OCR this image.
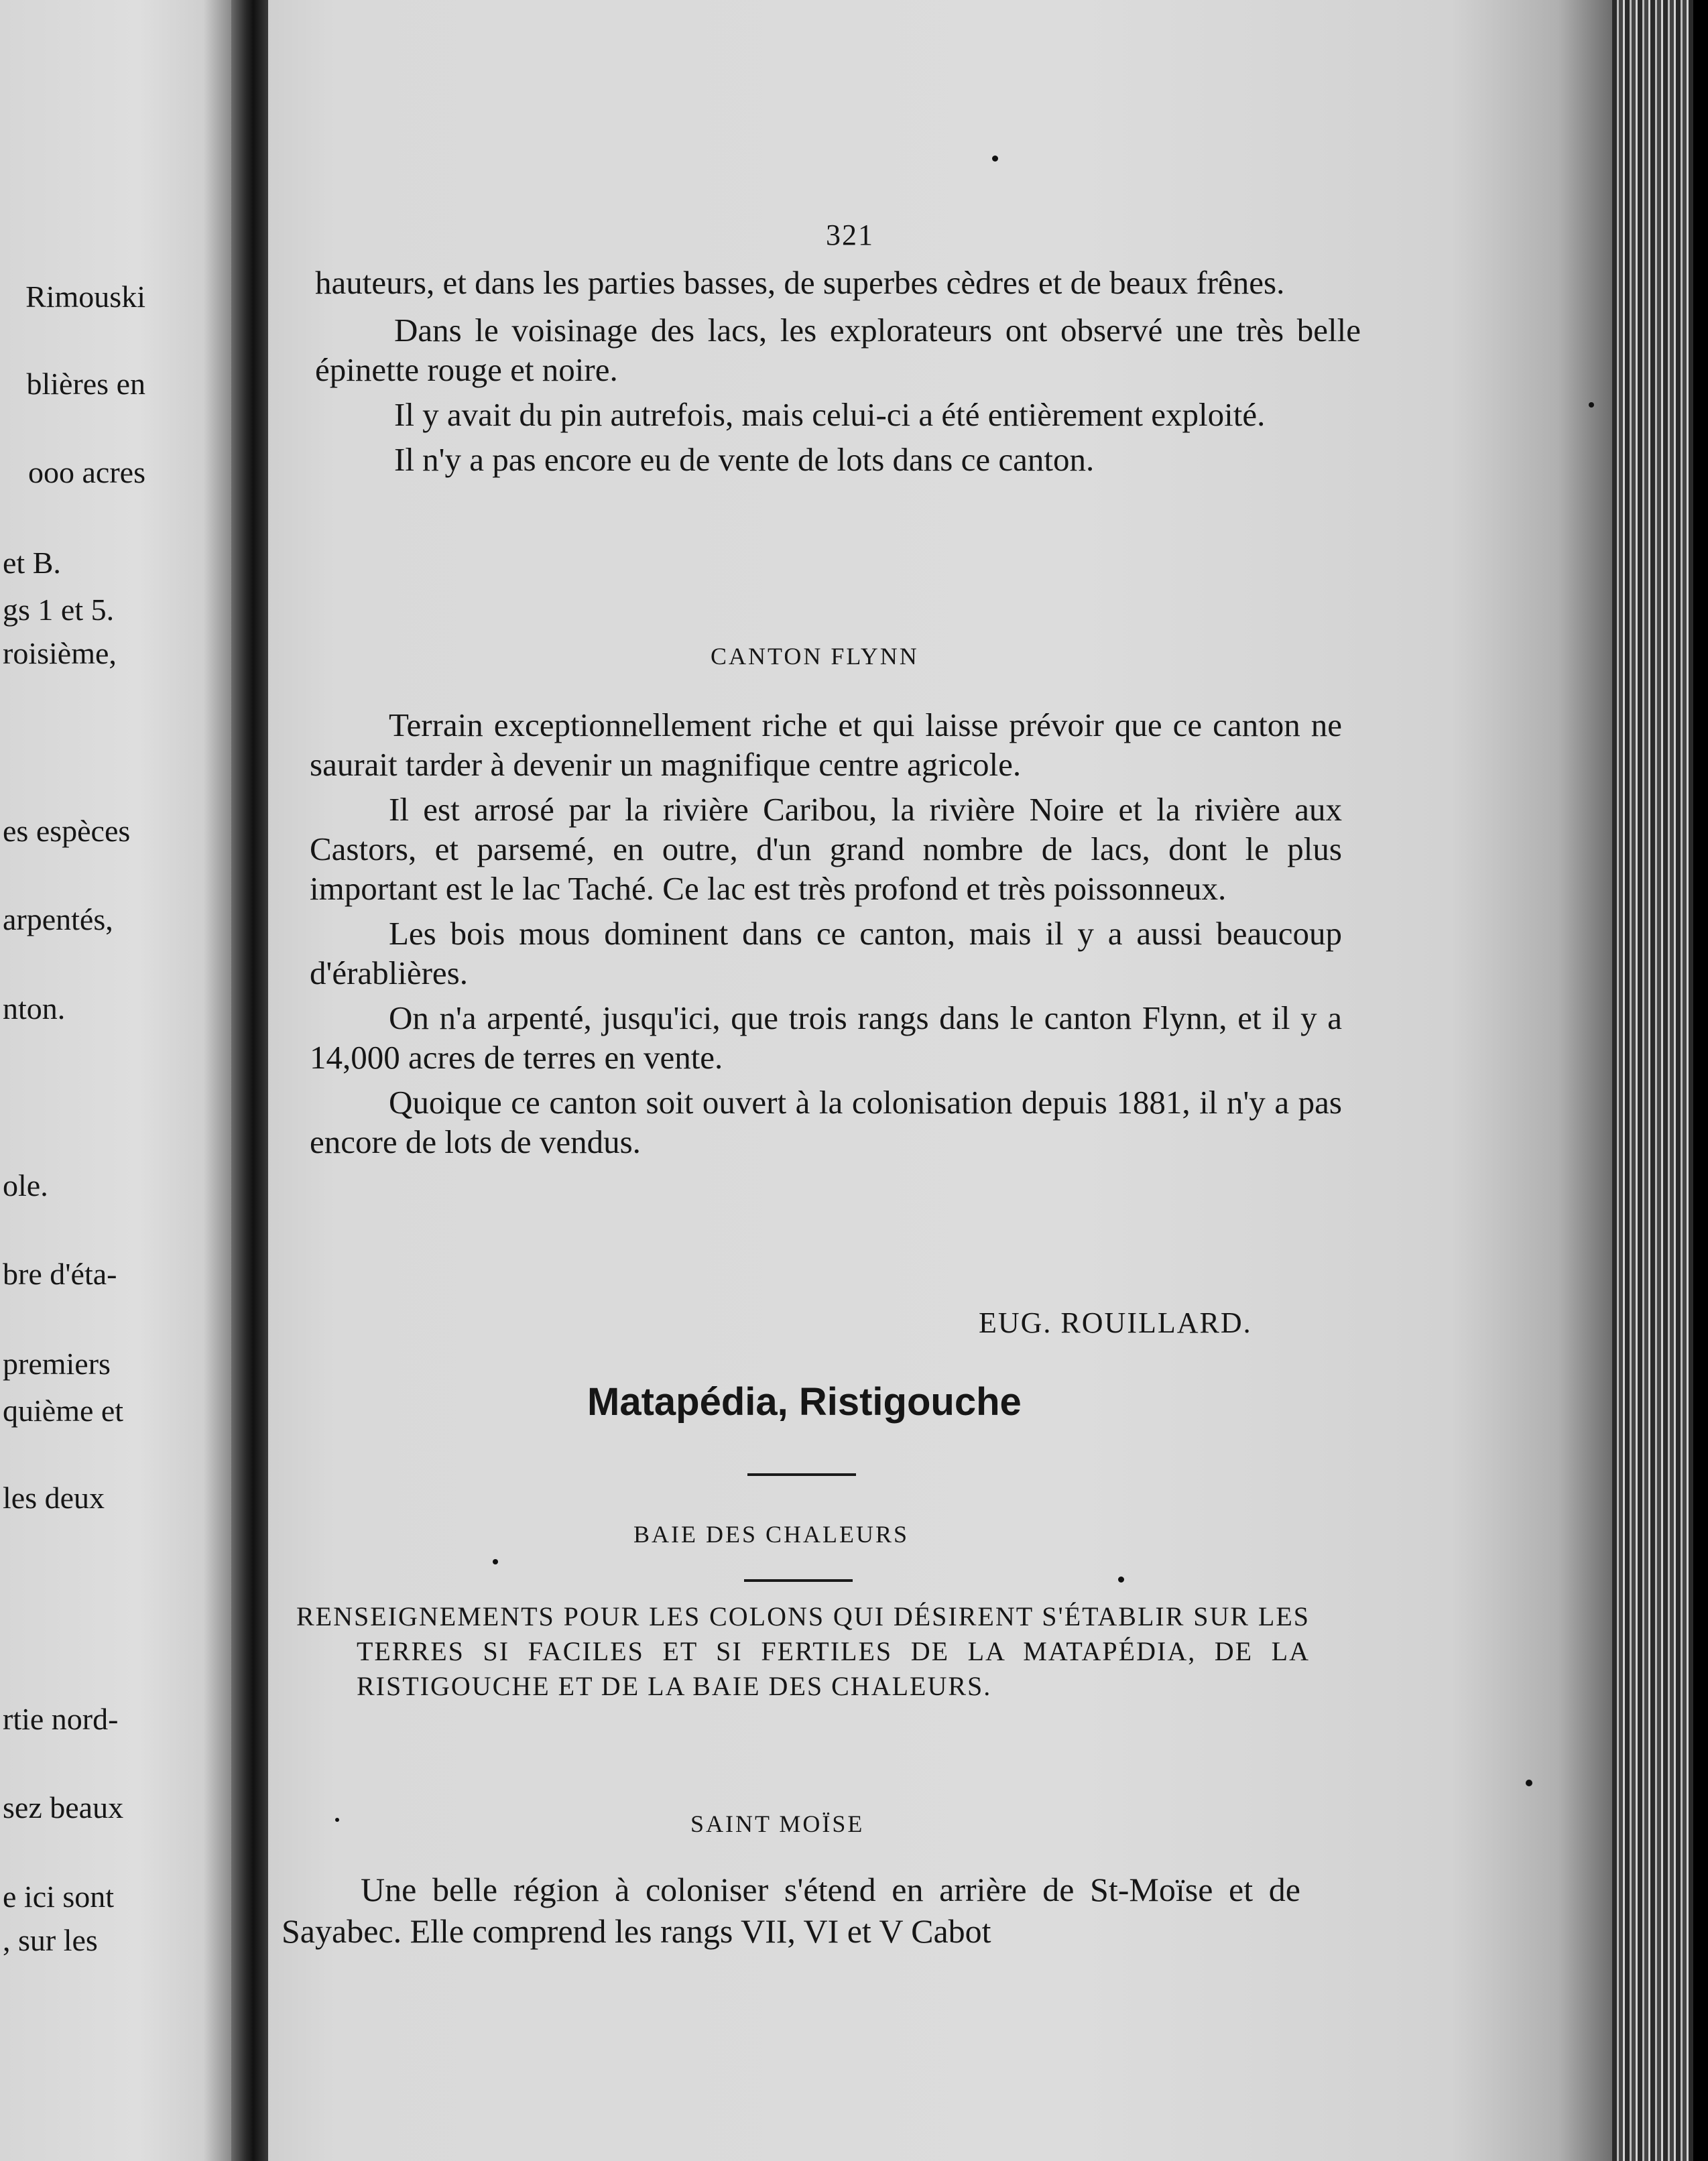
Rimouski
blières en
ooo acres
et B.
gs 1 et 5.
roisième,
es espèces
arpentés,
nton.
ole.
bre d'éta-
premiers
quième et
les deux
rtie nord-
sez beaux
e ici sont
, sur les
321

hauteurs, et dans les parties basses, de superbes cèdres et de beaux frênes.

Dans le voisinage des lacs, les explorateurs ont observé une très belle épinette rouge et noire.

Il y avait du pin autrefois, mais celui-ci a été entièrement exploité.

Il n'y a pas encore eu de vente de lots dans ce canton.

CANTON FLYNN

Terrain exceptionnellement riche et qui laisse prévoir que ce canton ne saurait tarder à devenir un magnifique centre agricole.

Il est arrosé par la rivière Caribou, la rivière Noire et la rivière aux Castors, et parsemé, en outre, d'un grand nombre de lacs, dont le plus important est le lac Taché. Ce lac est très profond et très poissonneux.

Les bois mous dominent dans ce canton, mais il y a aussi beaucoup d'érablières.

On n'a arpenté, jusqu'ici, que trois rangs dans le canton Flynn, et il y a 14,000 acres de terres en vente.

Quoique ce canton soit ouvert à la colonisation depuis 1881, il n'y a pas encore de lots de vendus.

EUG. ROUILLARD.
Matapédia, Ristigouche
BAIE DES CHALEURS

RENSEIGNEMENTS POUR LES COLONS QUI DÉSIRENT S'ÉTABLIR SUR LES TERRES SI FACILES ET SI FERTILES DE LA MATAPÉDIA, DE LA RISTIGOUCHE ET DE LA BAIE DES CHALEURS.

SAINT MOÏSE

Une belle région à coloniser s'étend en arrière de St-Moïse et de Sayabec. Elle comprend les rangs VII, VI et V Cabot
